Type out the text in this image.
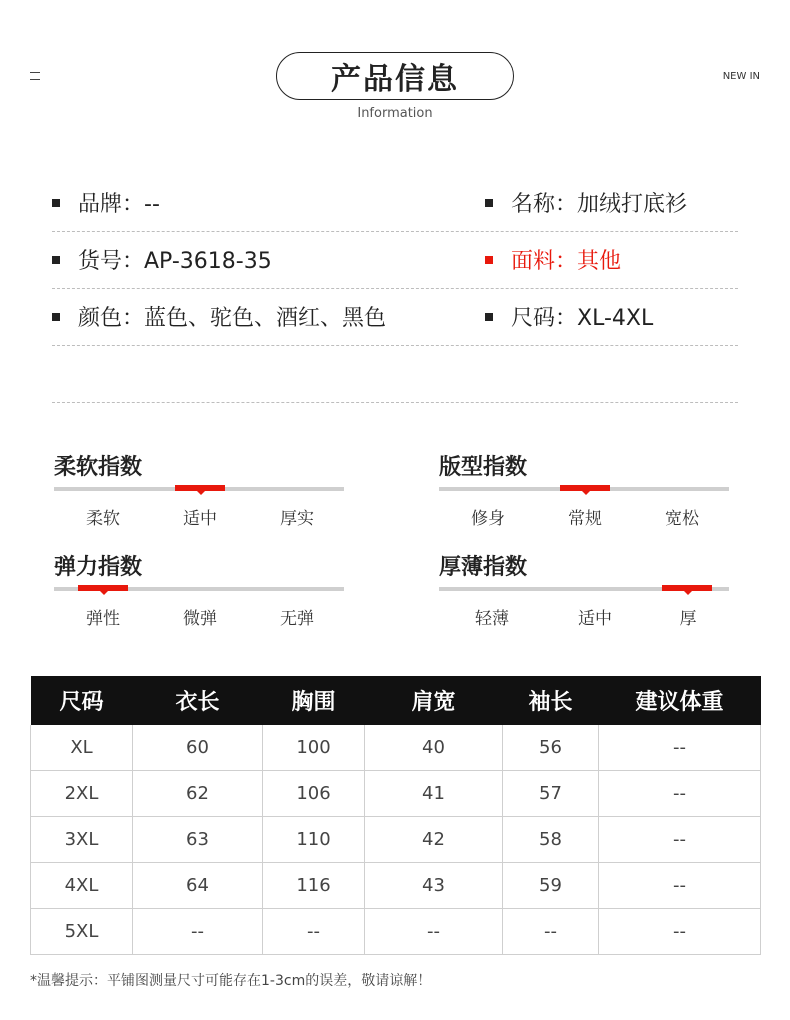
产品信息
Information
NEW IN
品牌：--	名称：加绒打底衫
货号：AP-3618-35	面料：其他
颜色：蓝色、驼色、酒红、黑色	尺码：XL-4XL
柔软指数
柔软	适中	厚实
版型指数
修身	常规	宽松
弹力指数
弹性	微弹	无弹
厚薄指数
轻薄	适中	厚
尺码	衣长	胸围	肩宽	袖长	建议体重
XL	60	100	40	56	--
2XL	62	106	41	57	--
3XL	63	110	42	58	--
4XL	64	116	43	59	--
5XL	--	--	--	--	--
*温馨提示：平铺图测量尺寸可能存在1-3cm的误差，敬请谅解！
